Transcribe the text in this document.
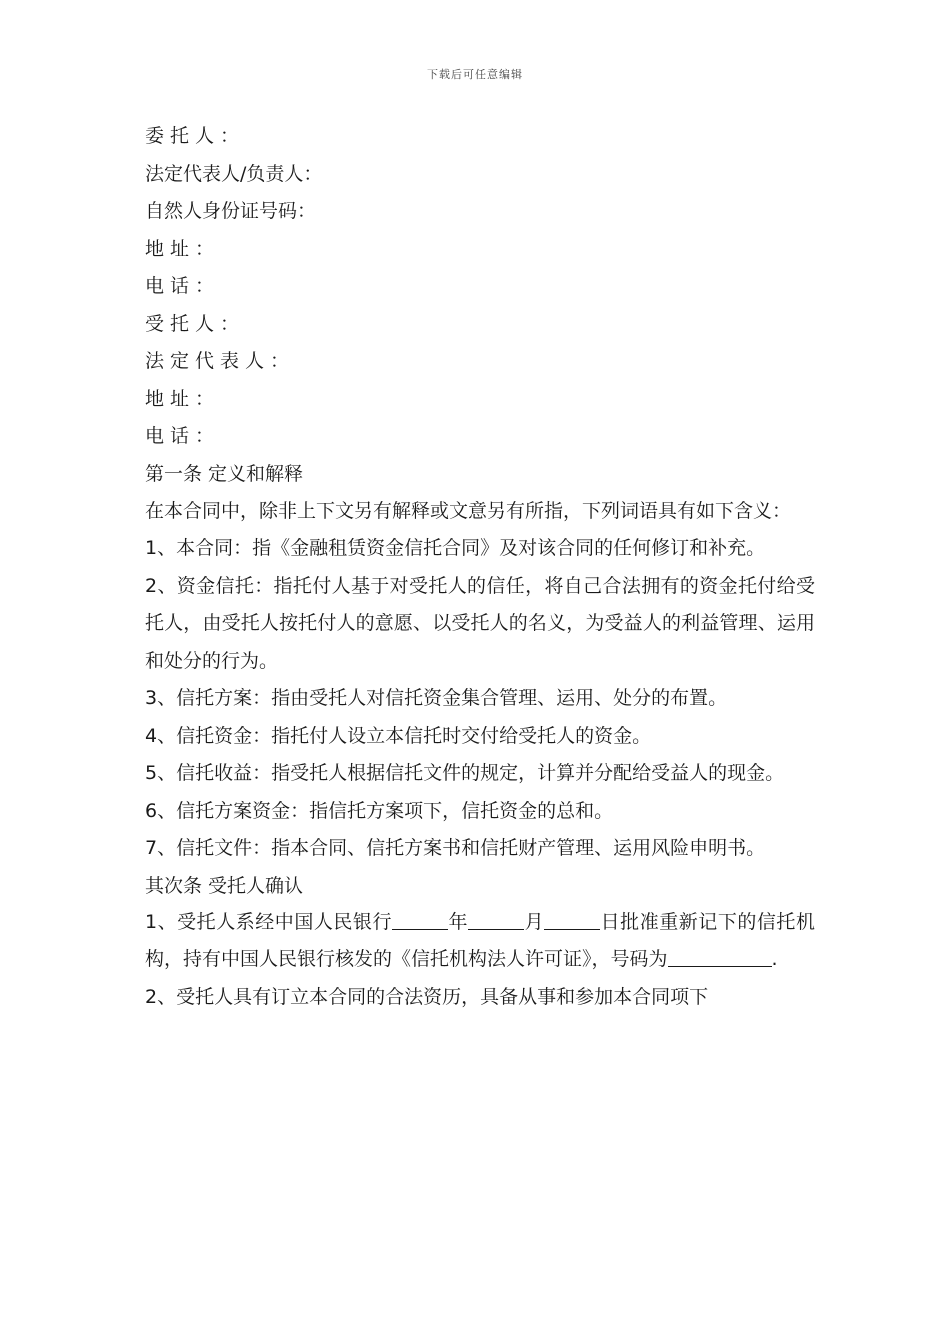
下载后可任意编辑
委托人：
法定代表人/负责人：
自然人身份证号码：
地址：
电话：
受托人：
法定代表人：
地址：
电话：
第一条 定义和解释
在本合同中，除非上下文另有解释或文意另有所指，下列词语具有如下含义：
1、本合同：指《金融租赁资金信托合同》及对该合同的任何修订和补充。
2、资金信托：指托付人基于对受托人的信任，将自己合法拥有的资金托付给受托人，由受托人按托付人的意愿、以受托人的名义，为受益人的利益管理、运用和处分的行为。
3、信托方案：指由受托人对信托资金集合管理、运用、处分的布置。
4、信托资金：指托付人设立本信托时交付给受托人的资金。
5、信托收益：指受托人根据信托文件的规定，计算并分配给受益人的现金。
6、信托方案资金：指信托方案项下，信托资金的总和。
7、信托文件：指本合同、信托方案书和信托财产管理、运用风险申明书。
其次条 受托人确认
1、受托人系经中国人民银行	年	月	日批准重新记下的信托机构，持有中国人民银行核发的《信托机构法人许可证》，号码为	.
2、受托人具有订立本合同的合法资历，具备从事和参加本合同项下
